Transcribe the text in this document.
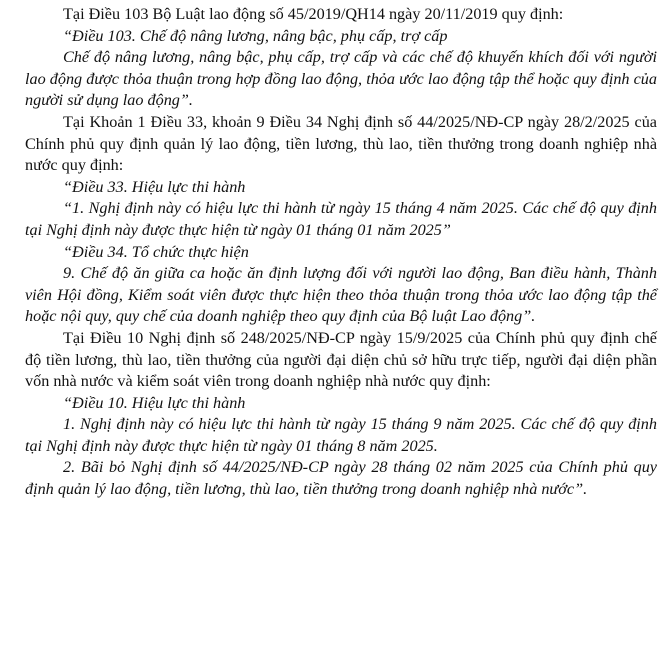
Tại Điều 103 Bộ Luật lao động số 45/2019/QH14 ngày 20/11/2019 quy định:

“Điều 103. Chế độ nâng lương, nâng bậc, phụ cấp, trợ cấp

Chế độ nâng lương, nâng bậc, phụ cấp, trợ cấp và các chế độ khuyến khích đối với người lao động được thỏa thuận trong hợp đồng lao động, thỏa ước lao động tập thể hoặc quy định của người sử dụng lao động”.

Tại Khoản 1 Điều 33, khoản 9 Điều 34 Nghị định số 44/2025/NĐ-CP ngày 28/2/2025 của Chính phủ quy định quản lý lao động, tiền lương, thù lao, tiền thưởng trong doanh nghiệp nhà nước quy định:

“Điều 33. Hiệu lực thi hành

“1. Nghị định này có hiệu lực thi hành từ ngày 15 tháng 4 năm 2025. Các chế độ quy định tại Nghị định này được thực hiện từ ngày 01 tháng 01 năm 2025”

“Điều 34. Tổ chức thực hiện

9. Chế độ ăn giữa ca hoặc ăn định lượng đối với người lao động, Ban điều hành, Thành viên Hội đồng, Kiểm soát viên được thực hiện theo thỏa thuận trong thỏa ước lao động tập thể hoặc nội quy, quy chế của doanh nghiệp theo quy định của Bộ luật Lao động”.

Tại Điều 10 Nghị định số 248/2025/NĐ-CP ngày 15/9/2025 của Chính phủ quy định chế độ tiền lương, thù lao, tiền thưởng của người đại diện chủ sở hữu trực tiếp, người đại diện phần vốn nhà nước và kiểm soát viên trong doanh nghiệp nhà nước quy định:

“Điều 10. Hiệu lực thi hành

1. Nghị định này có hiệu lực thi hành từ ngày 15 tháng 9 năm 2025. Các chế độ quy định tại Nghị định này được thực hiện từ ngày 01 tháng 8 năm 2025.

2. Bãi bỏ Nghị định số 44/2025/NĐ-CP ngày 28 tháng 02 năm 2025 của Chính phủ quy định quản lý lao động, tiền lương, thù lao, tiền thưởng trong doanh nghiệp nhà nước”.
